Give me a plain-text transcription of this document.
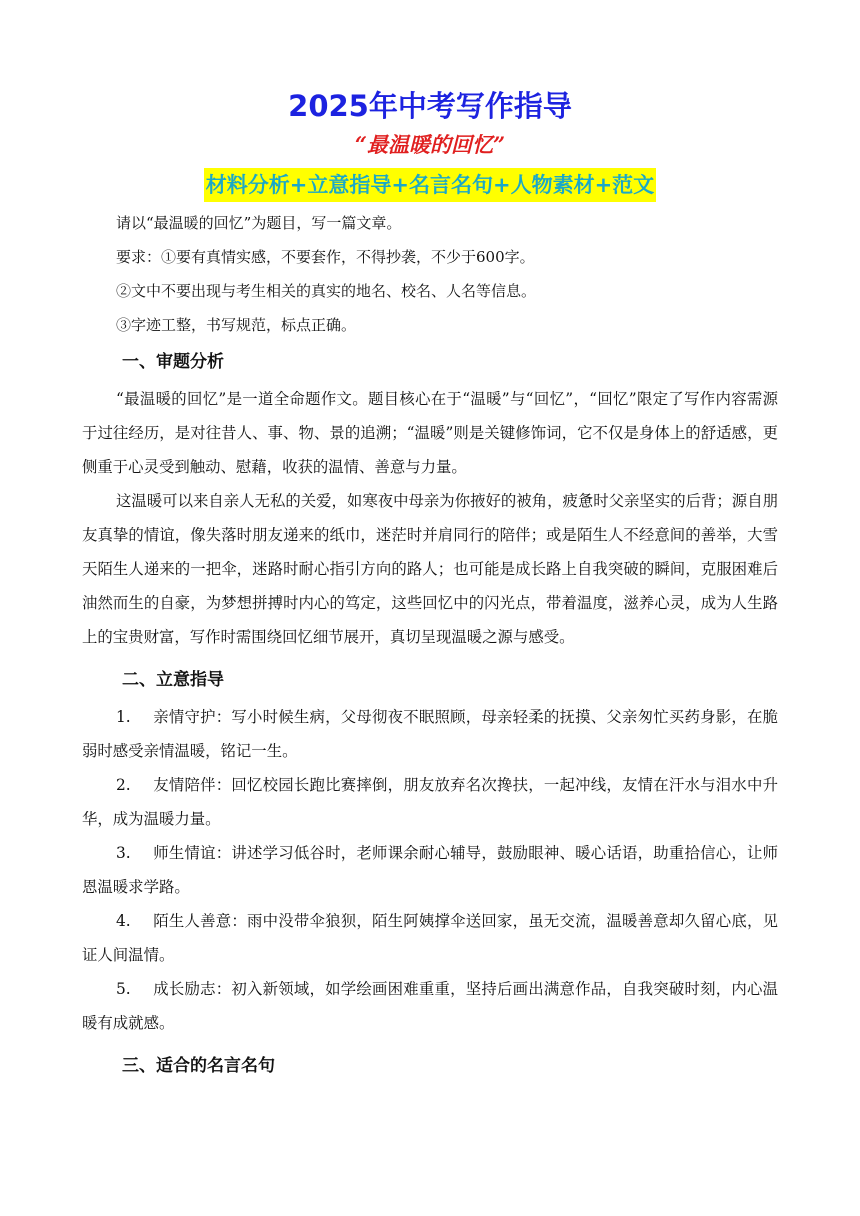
2025年中考写作指导

“最温暖的回忆”

材料分析+立意指导+名言名句+人物素材+范文

请以“最温暖的回忆”为题目，写一篇文章。

要求：①要有真情实感，不要套作，不得抄袭，不少于600字。

②文中不要出现与考生相关的真实的地名、校名、人名等信息。

③字迹工整，书写规范，标点正确。

一、审题分析

“最温暖的回忆”是一道全命题作文。题目核心在于“温暖”与“回忆”，“回忆”限定了写作内容需源于过往经历，是对往昔人、事、物、景的追溯；“温暖”则是关键修饰词，它不仅是身体上的舒适感，更侧重于心灵受到触动、慰藉，收获的温情、善意与力量。

这温暖可以来自亲人无私的关爱，如寒夜中母亲为你掖好的被角，疲惫时父亲坚实的后背；源自朋友真挚的情谊，像失落时朋友递来的纸巾，迷茫时并肩同行的陪伴；或是陌生人不经意间的善举，大雪天陌生人递来的一把伞，迷路时耐心指引方向的路人；也可能是成长路上自我突破的瞬间，克服困难后油然而生的自豪，为梦想拼搏时内心的笃定，这些回忆中的闪光点，带着温度，滋养心灵，成为人生路上的宝贵财富，写作时需围绕回忆细节展开，真切呈现温暖之源与感受。

二、立意指导

1. 亲情守护：写小时候生病，父母彻夜不眠照顾，母亲轻柔的抚摸、父亲匆忙买药身影，在脆弱时感受亲情温暖，铭记一生。

2. 友情陪伴：回忆校园长跑比赛摔倒，朋友放弃名次搀扶，一起冲线，友情在汗水与泪水中升华，成为温暖力量。

3. 师生情谊：讲述学习低谷时，老师课余耐心辅导，鼓励眼神、暖心话语，助重拾信心，让师恩温暖求学路。

4. 陌生人善意：雨中没带伞狼狈，陌生阿姨撑伞送回家，虽无交流，温暖善意却久留心底，见证人间温情。

5. 成长励志：初入新领域，如学绘画困难重重，坚持后画出满意作品，自我突破时刻，内心温暖有成就感。

三、适合的名言名句
